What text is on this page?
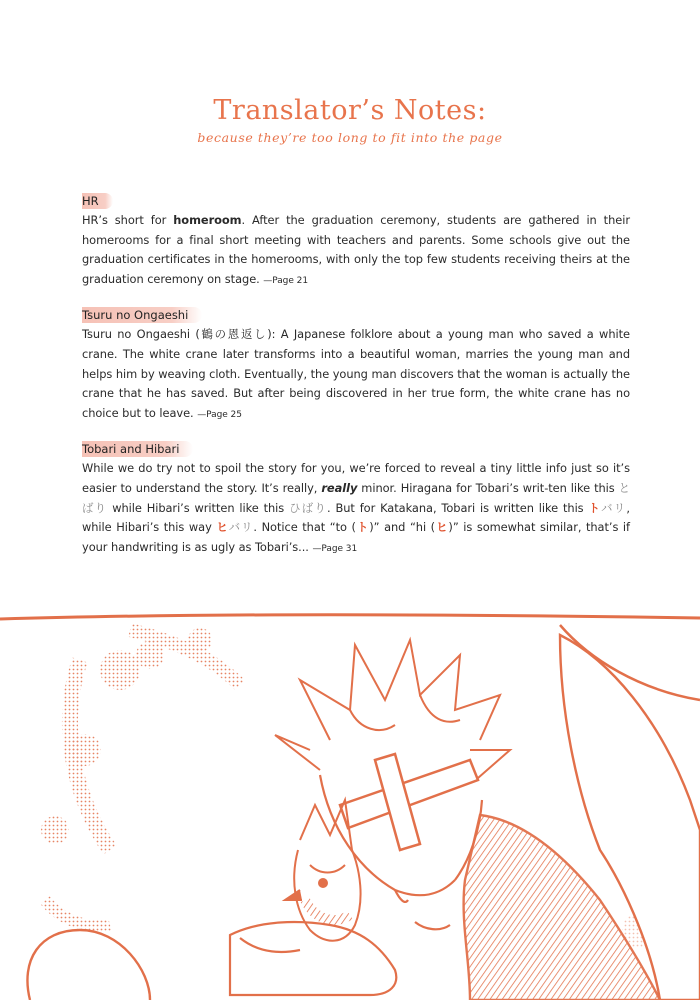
Translator’s Notes:
because they’re too long to fit into the page
HR
HR’s short for homeroom. After the graduation ceremony, students are gathered in their homerooms for a final short meeting with teachers and parents. Some schools give out the graduation certificates in the homerooms, with only the top few students receiving theirs at the graduation ceremony on stage. —Page 21
Tsuru no Ongaeshi
Tsuru no Ongaeshi (鶴の恩返し): A Japanese folklore about a young man who saved a white crane. The white crane later transforms into a beautiful woman, marries the young man and helps him by weaving cloth. Eventually, the young man discovers that the woman is actually the crane that he has saved. But after being discovered in her true form, the white crane has no choice but to leave. —Page 25
Tobari and Hibari
While we do try not to spoil the story for you, we’re forced to reveal a tiny little info just so it’s easier to understand the story. It’s really, really minor. Hiragana for Tobari’s writ-ten like this とばり while Hibari’s written like this ひばり. But for Katakana, Tobari is written like this トバリ, while Hibari’s this way ヒバリ. Notice that “to (ト)” and “hi (ヒ)” is somewhat similar, that’s if your handwriting is as ugly as Tobari’s... —Page 31
